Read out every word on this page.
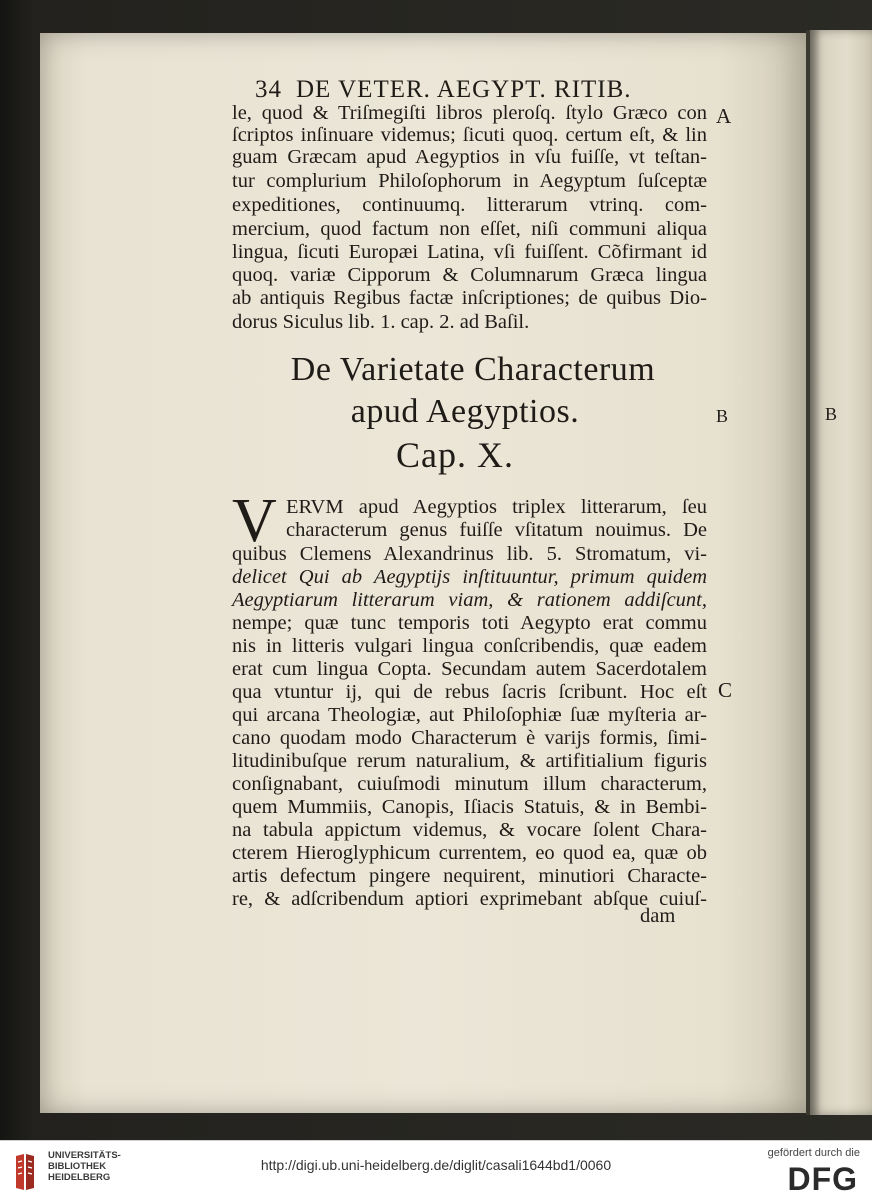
B
34 DE VETER. AEGYPT. RITIB.
le, quod & Triſmegiſti libros pleroſq. ſtylo Græco con
ſcriptos inſinuare videmus; ſicuti quoq. certum eſt, & lin
guam Græcam apud Aegyptios in vſu fuiſſe, vt teſtan-
tur complurium Philoſophorum in Aegyptum ſuſceptæ
expeditiones, continuumq. litterarum vtrinq. com-
mercium, quod factum non eſſet, niſi communi aliqua
lingua, ſicuti Europæi Latina, vſi fuiſſent. Cõfirmant id
quoq. variæ Cipporum & Columnarum Græca lingua
ab antiquis Regibus factæ inſcriptiones; de quibus Dio-
dorus Siculus lib. 1. cap. 2. ad Baſil.
A
B
C
De Varietate Characterum
apud Aegyptios.
Cap. X.
V ERVM apud Aegyptios triplex litterarum, ſeu
characterum genus fuiſſe vſitatum nouimus. De
quibus Clemens Alexandrinus lib. 5. Stromatum, vi-
delicet Qui ab Aegyptijs inſtituuntur, primum quidem
Aegyptiarum litterarum viam, & rationem addiſcunt,
nempe; quæ tunc temporis toti Aegypto erat commu
nis in litteris vulgari lingua conſcribendis, quæ eadem
erat cum lingua Copta. Secundam autem Sacerdotalem
qua vtuntur ij, qui de rebus ſacris ſcribunt. Hoc eſt
qui arcana Theologiæ, aut Philoſophiæ ſuæ myſteria ar-
cano quodam modo Characterum è varijs formis, ſimi-
litudinibuſque rerum naturalium, & artifitialium figuris
conſignabant, cuiuſmodi minutum illum characterum,
quem Mummiis, Canopis, Iſiacis Statuis, & in Bembi-
na tabula appictum videmus, & vocare ſolent Chara-
cterem Hieroglyphicum currentem, eo quod ea, quæ ob
artis defectum pingere nequirent, minutiori Characte-
re, & adſcribendum aptiori exprimebant abſque cuiuſ-
dam
UNIVERSITÄTS-
BIBLIOTHEK
HEIDELBERG
http://digi.ub.uni-heidelberg.de/diglit/casali1644bd1/0060
gefördert durch die
DFG
